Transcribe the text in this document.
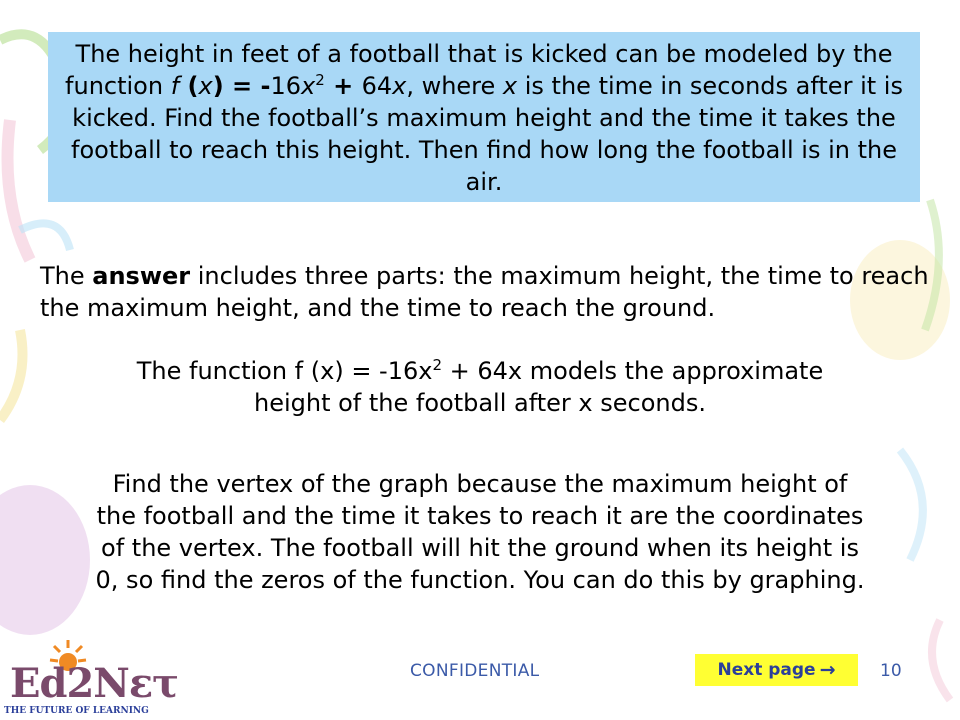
The height in feet of a football that is kicked can be modeled by the function f $(x) = -16x^2 + 64x$, where x is the time in seconds after it is kicked. Find the football’s maximum height and the time it takes the football to reach this height. Then find how long the football is in the air.
The answer includes three parts: the maximum height, the time to reach the maximum height, and the time to reach the ground.
The function f $(x) = -16x^2 + 64x$ models the approximate height of the football after x seconds.
Find the vertex of the graph because the maximum height of the football and the time it takes to reach it are the coordinates of the vertex. The football will hit the ground when its height is 0, so find the zeros of the function. You can do this by graphing.
Ed2Nετ
THE FUTURE OF LEARNING
CONFIDENTIAL	Next page →	10
